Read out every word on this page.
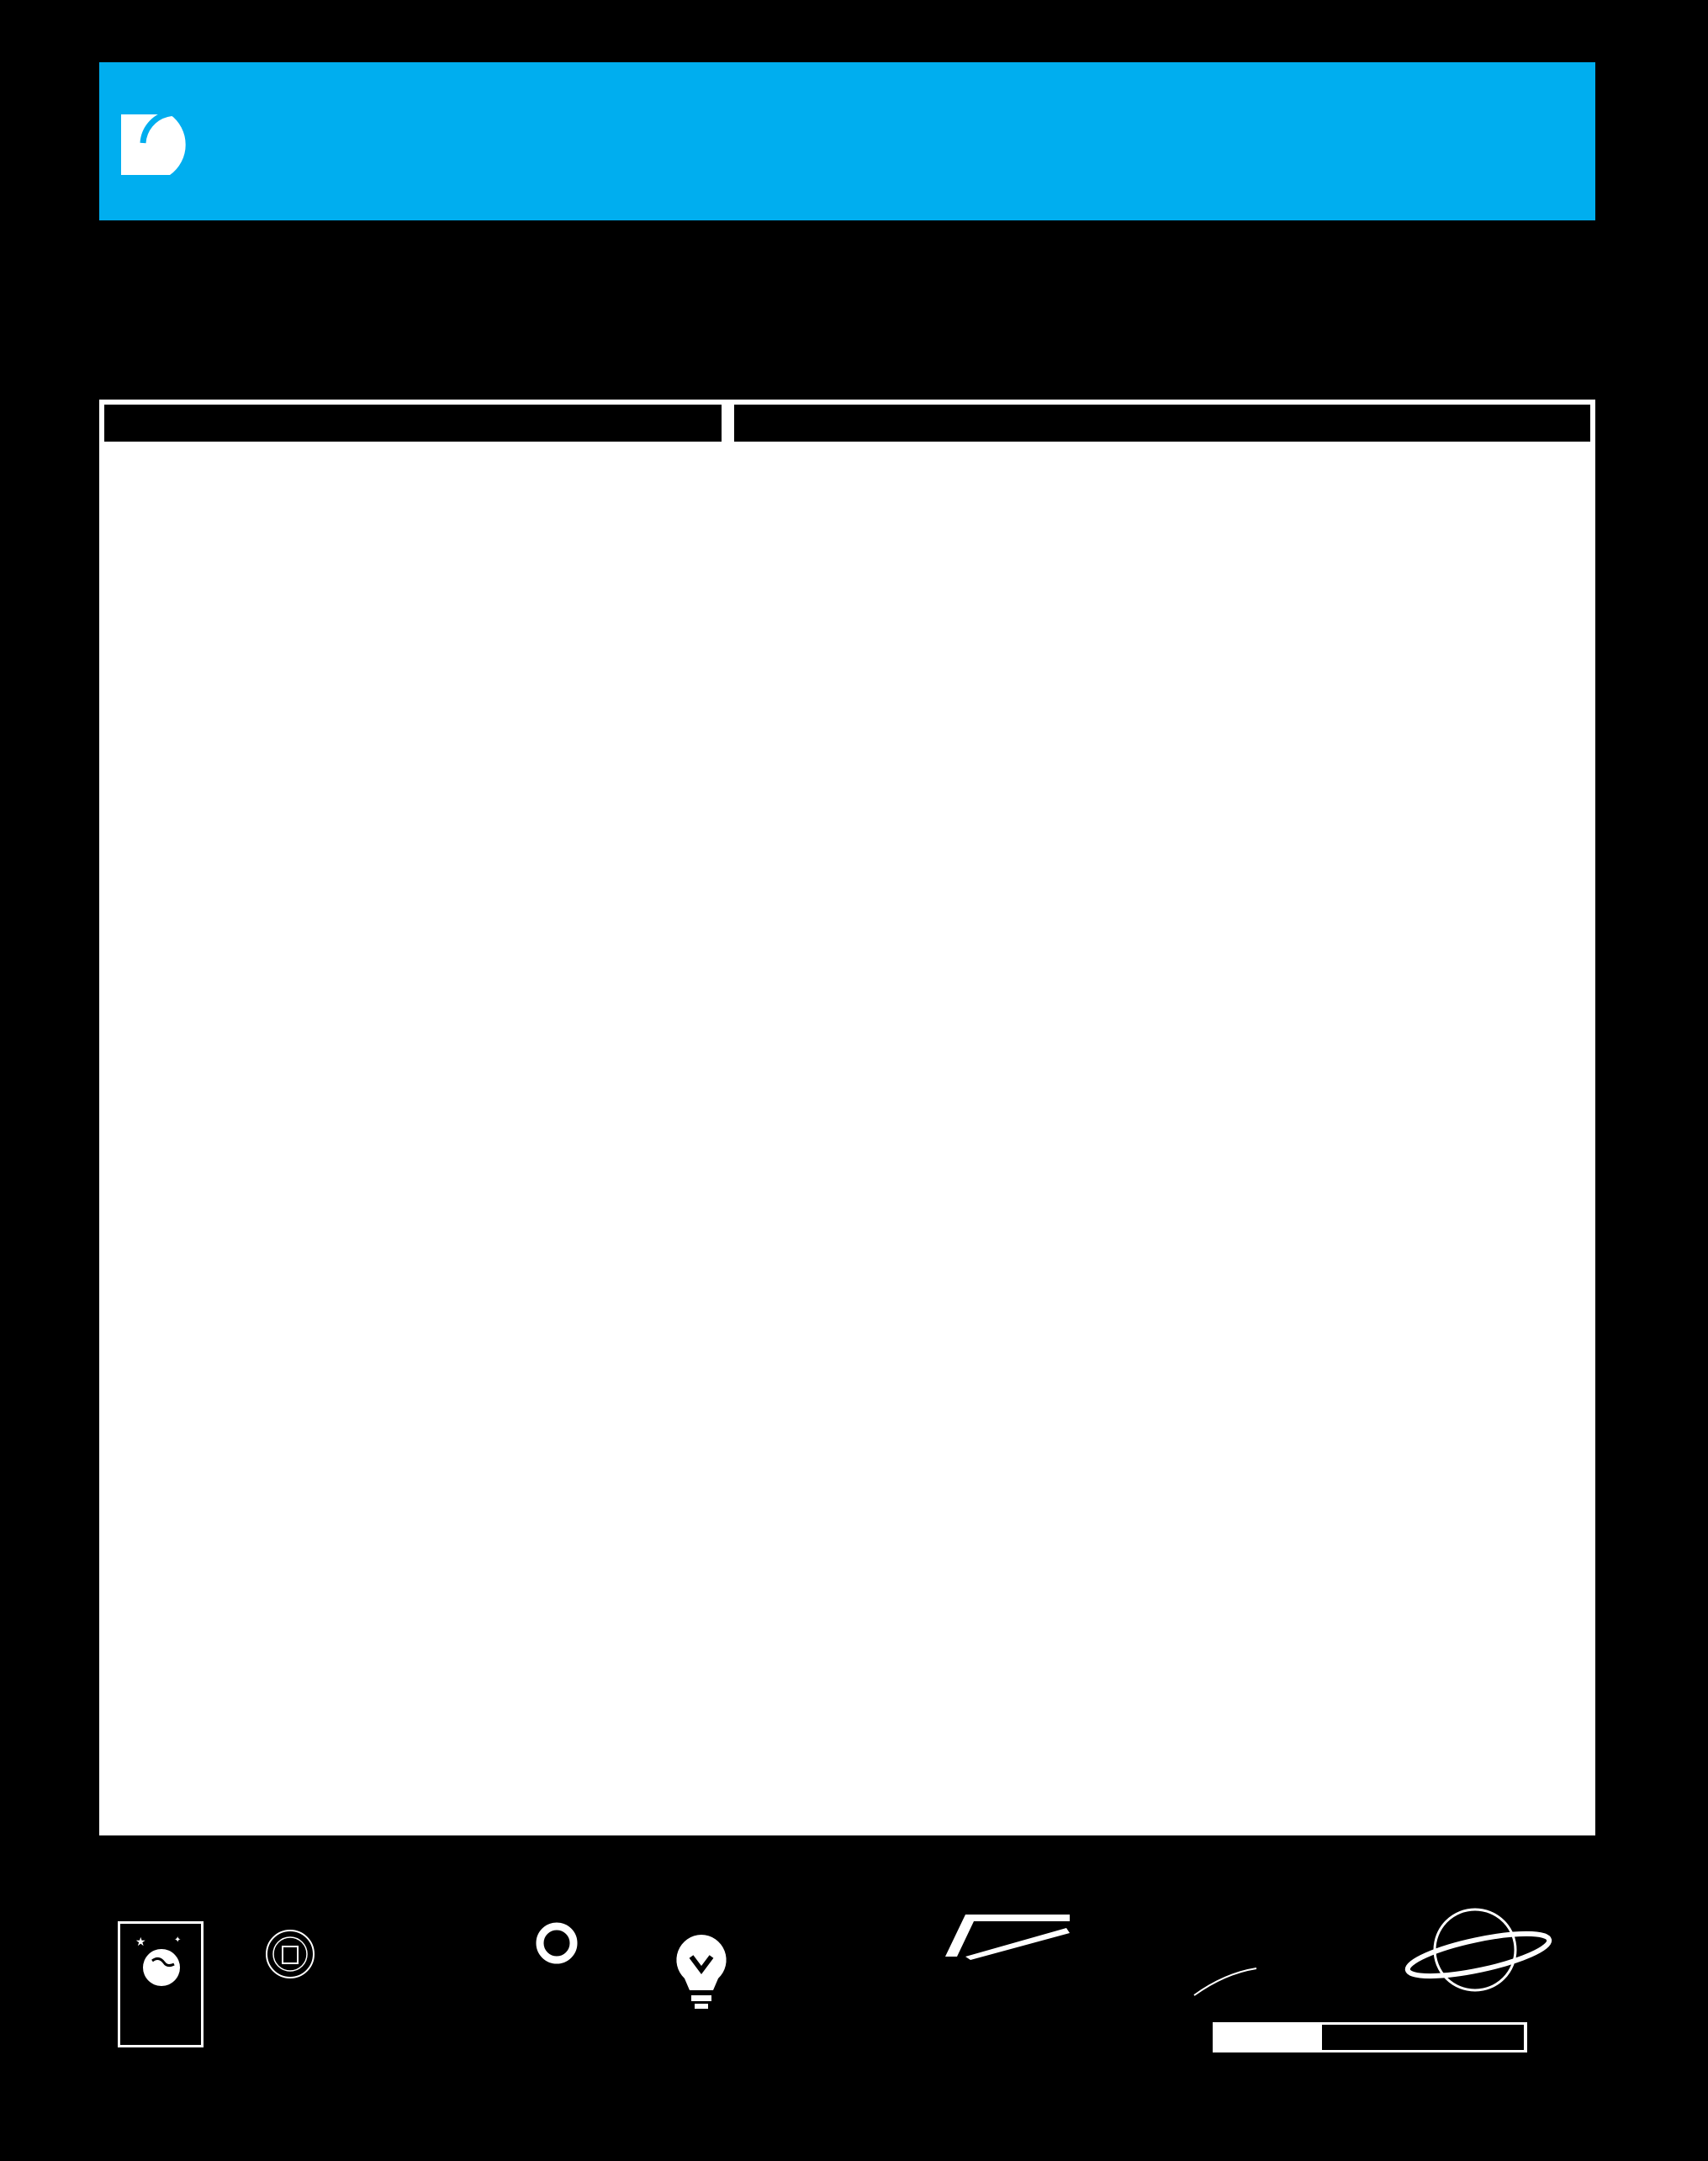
★	✦
